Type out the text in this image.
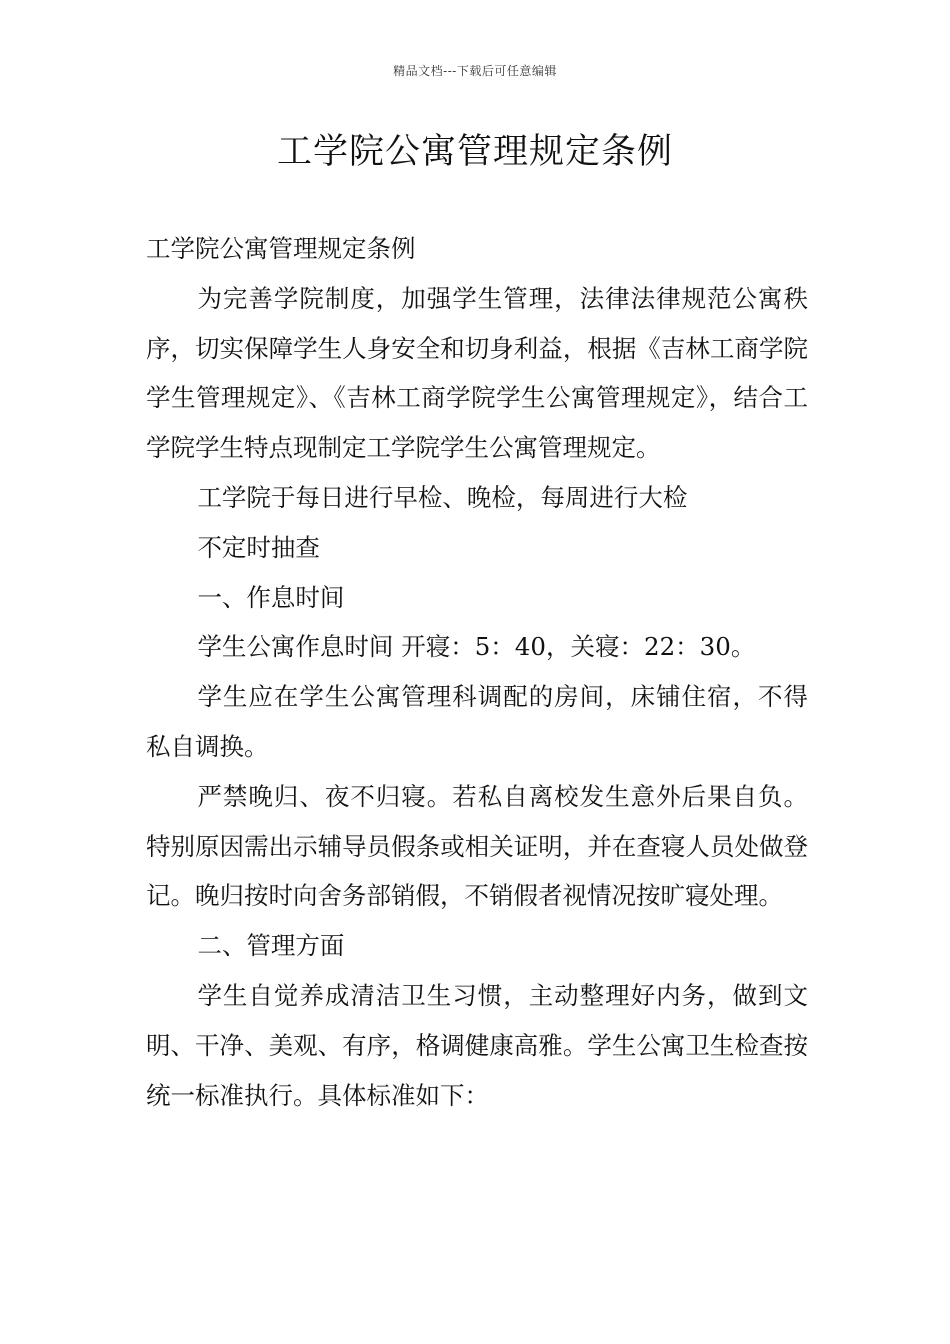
精品文档---下载后可任意编辑
工学院公寓管理规定条例

工学院公寓管理规定条例

为完善学院制度，加强学生管理，法律法律规范公寓秩序，切实保障学生人身安全和切身利益，根据《吉林工商学院学生管理规定》、《吉林工商学院学生公寓管理规定》，结合工学院学生特点现制定工学院学生公寓管理规定。

工学院于每日进行早检、晚检，每周进行大检

不定时抽查

一、作息时间

学生公寓作息时间 开寝：5：40，关寝：22：30。

学生应在学生公寓管理科调配的房间，床铺住宿，不得私自调换。

严禁晚归、夜不归寝。若私自离校发生意外后果自负。特别原因需出示辅导员假条或相关证明，并在查寝人员处做登记。晚归按时向舍务部销假，不销假者视情况按旷寝处理。

二、管理方面

学生自觉养成清洁卫生习惯，主动整理好内务，做到文明、干净、美观、有序，格调健康高雅。学生公寓卫生检查按统一标准执行。具体标准如下：
